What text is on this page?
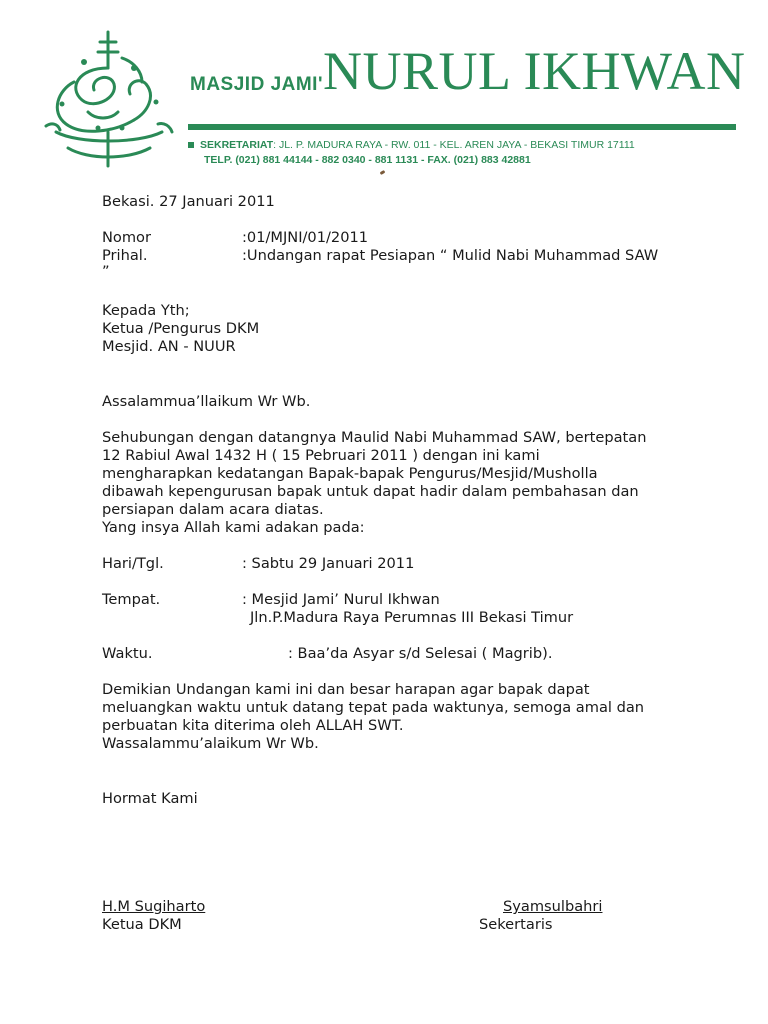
MASJID JAMI' NURUL IKHWAN
SEKRETARIAT: JL. P. MADURA RAYA - RW. 011 - KEL. AREN JAYA - BEKASI TIMUR 17111
TELP. (021) 881 44144 - 882 0340 - 881 1131 - FAX. (021) 883 42881
Bekasi. 27 Januari 2011
Nomor	:01/MJNI/01/2011
Prihal.	:Undangan rapat Pesiapan “ Mulid Nabi Muhammad SAW
”
Kepada Yth;
Ketua /Pengurus DKM
Mesjid. AN - NUUR
Assalammua’llaikum Wr Wb.
Sehubungan dengan datangnya Maulid Nabi Muhammad SAW, bertepatan
12 Rabiul Awal 1432 H ( 15 Pebruari 2011 ) dengan ini kami
mengharapkan kedatangan Bapak-bapak Pengurus/Mesjid/Musholla
dibawah kepengurusan bapak untuk dapat hadir dalam pembahasan dan
persiapan dalam acara diatas.
Yang insya Allah kami adakan pada:
Hari/Tgl.	: Sabtu 29 Januari 2011
Tempat.	: Mesjid Jami’ Nurul Ikhwan
Jln.P.Madura Raya Perumnas III Bekasi Timur
Waktu.	: Baa’da Asyar s/d Selesai ( Magrib).
Demikian Undangan kami ini dan besar harapan agar bapak dapat
meluangkan waktu untuk datang tepat pada waktunya, semoga amal dan
perbuatan kita diterima oleh ALLAH SWT.
Wassalammu’alaikum Wr Wb.
Hormat Kami
H.M Sugiharto
Ketua DKM
Syamsulbahri
Sekertaris
